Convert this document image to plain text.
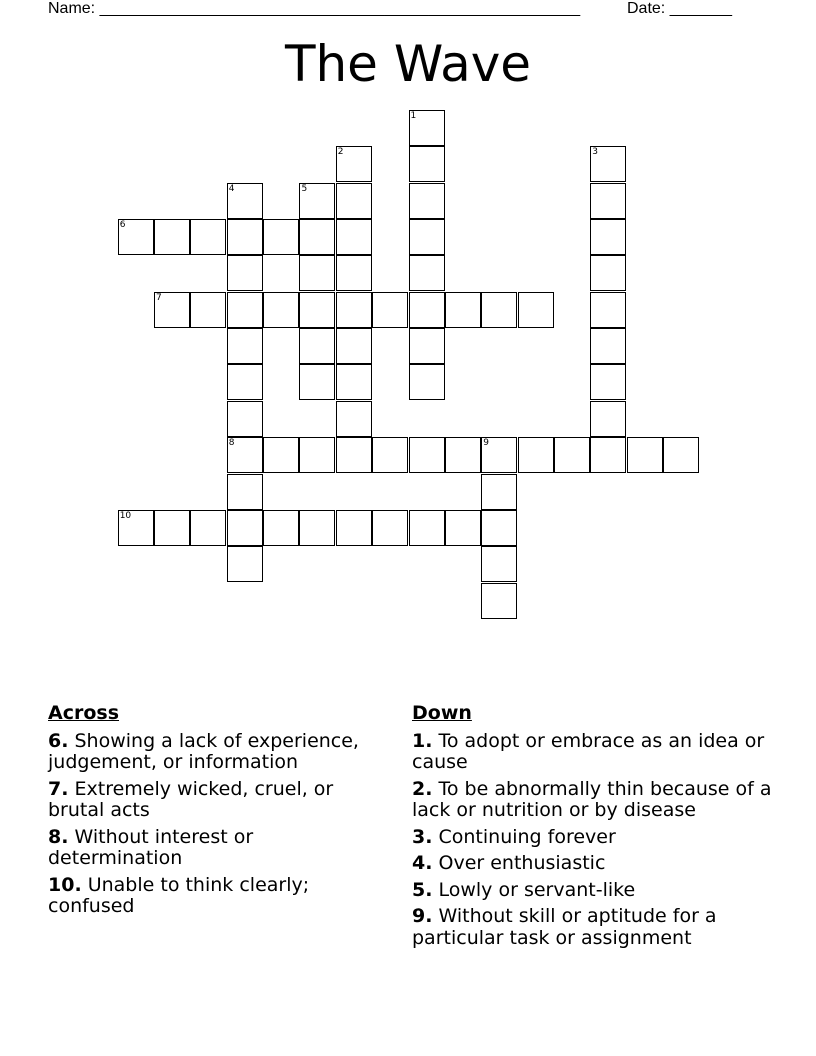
Name: ______________________________________________________	Date: _______
The Wave
1
2	3
4	5
6
7
8	9
10
Across
6. Showing a lack of experience, judgement, or information
7. Extremely wicked, cruel, or brutal acts
8. Without interest or determination
10. Unable to think clearly; confused
Down
1. To adopt or embrace as an idea or cause
2. To be abnormally thin because of a lack or nutrition or by disease
3. Continuing forever
4. Over enthusiastic
5. Lowly or servant-like
9. Without skill or aptitude for a particular task or assignment
